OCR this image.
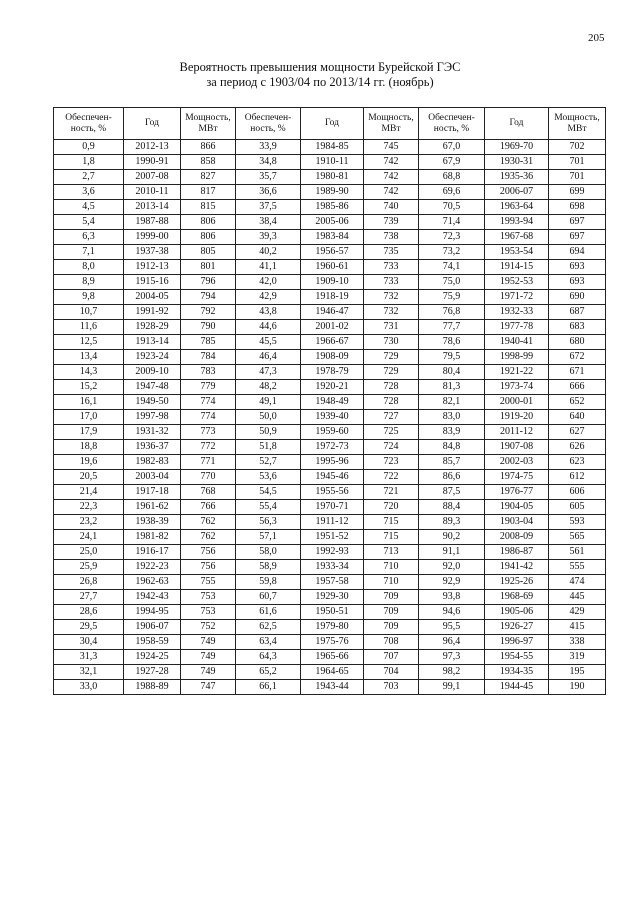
205
Вероятность превышения мощности Бурейской ГЭС
за период с 1903/04 по 2013/14 гг. (ноябрь)
Обеспечен-ность, %	Год	Мощность, МВт	Обеспечен-ность, %	Год	Мощность, МВт	Обеспечен-ность, %	Год	Мощность, МВт
0,9	2012-13	866	33,9	1984-85	745	67,0	1969-70	702
1,8	1990-91	858	34,8	1910-11	742	67,9	1930-31	701
2,7	2007-08	827	35,7	1980-81	742	68,8	1935-36	701
3,6	2010-11	817	36,6	1989-90	742	69,6	2006-07	699
4,5	2013-14	815	37,5	1985-86	740	70,5	1963-64	698
5,4	1987-88	806	38,4	2005-06	739	71,4	1993-94	697
6,3	1999-00	806	39,3	1983-84	738	72,3	1967-68	697
7,1	1937-38	805	40,2	1956-57	735	73,2	1953-54	694
8,0	1912-13	801	41,1	1960-61	733	74,1	1914-15	693
8,9	1915-16	796	42,0	1909-10	733	75,0	1952-53	693
9,8	2004-05	794	42,9	1918-19	732	75,9	1971-72	690
10,7	1991-92	792	43,8	1946-47	732	76,8	1932-33	687
11,6	1928-29	790	44,6	2001-02	731	77,7	1977-78	683
12,5	1913-14	785	45,5	1966-67	730	78,6	1940-41	680
13,4	1923-24	784	46,4	1908-09	729	79,5	1998-99	672
14,3	2009-10	783	47,3	1978-79	729	80,4	1921-22	671
15,2	1947-48	779	48,2	1920-21	728	81,3	1973-74	666
16,1	1949-50	774	49,1	1948-49	728	82,1	2000-01	652
17,0	1997-98	774	50,0	1939-40	727	83,0	1919-20	640
17,9	1931-32	773	50,9	1959-60	725	83,9	2011-12	627
18,8	1936-37	772	51,8	1972-73	724	84,8	1907-08	626
19,6	1982-83	771	52,7	1995-96	723	85,7	2002-03	623
20,5	2003-04	770	53,6	1945-46	722	86,6	1974-75	612
21,4	1917-18	768	54,5	1955-56	721	87,5	1976-77	606
22,3	1961-62	766	55,4	1970-71	720	88,4	1904-05	605
23,2	1938-39	762	56,3	1911-12	715	89,3	1903-04	593
24,1	1981-82	762	57,1	1951-52	715	90,2	2008-09	565
25,0	1916-17	756	58,0	1992-93	713	91,1	1986-87	561
25,9	1922-23	756	58,9	1933-34	710	92,0	1941-42	555
26,8	1962-63	755	59,8	1957-58	710	92,9	1925-26	474
27,7	1942-43	753	60,7	1929-30	709	93,8	1968-69	445
28,6	1994-95	753	61,6	1950-51	709	94,6	1905-06	429
29,5	1906-07	752	62,5	1979-80	709	95,5	1926-27	415
30,4	1958-59	749	63,4	1975-76	708	96,4	1996-97	338
31,3	1924-25	749	64,3	1965-66	707	97,3	1954-55	319
32,1	1927-28	749	65,2	1964-65	704	98,2	1934-35	195
33,0	1988-89	747	66,1	1943-44	703	99,1	1944-45	190
